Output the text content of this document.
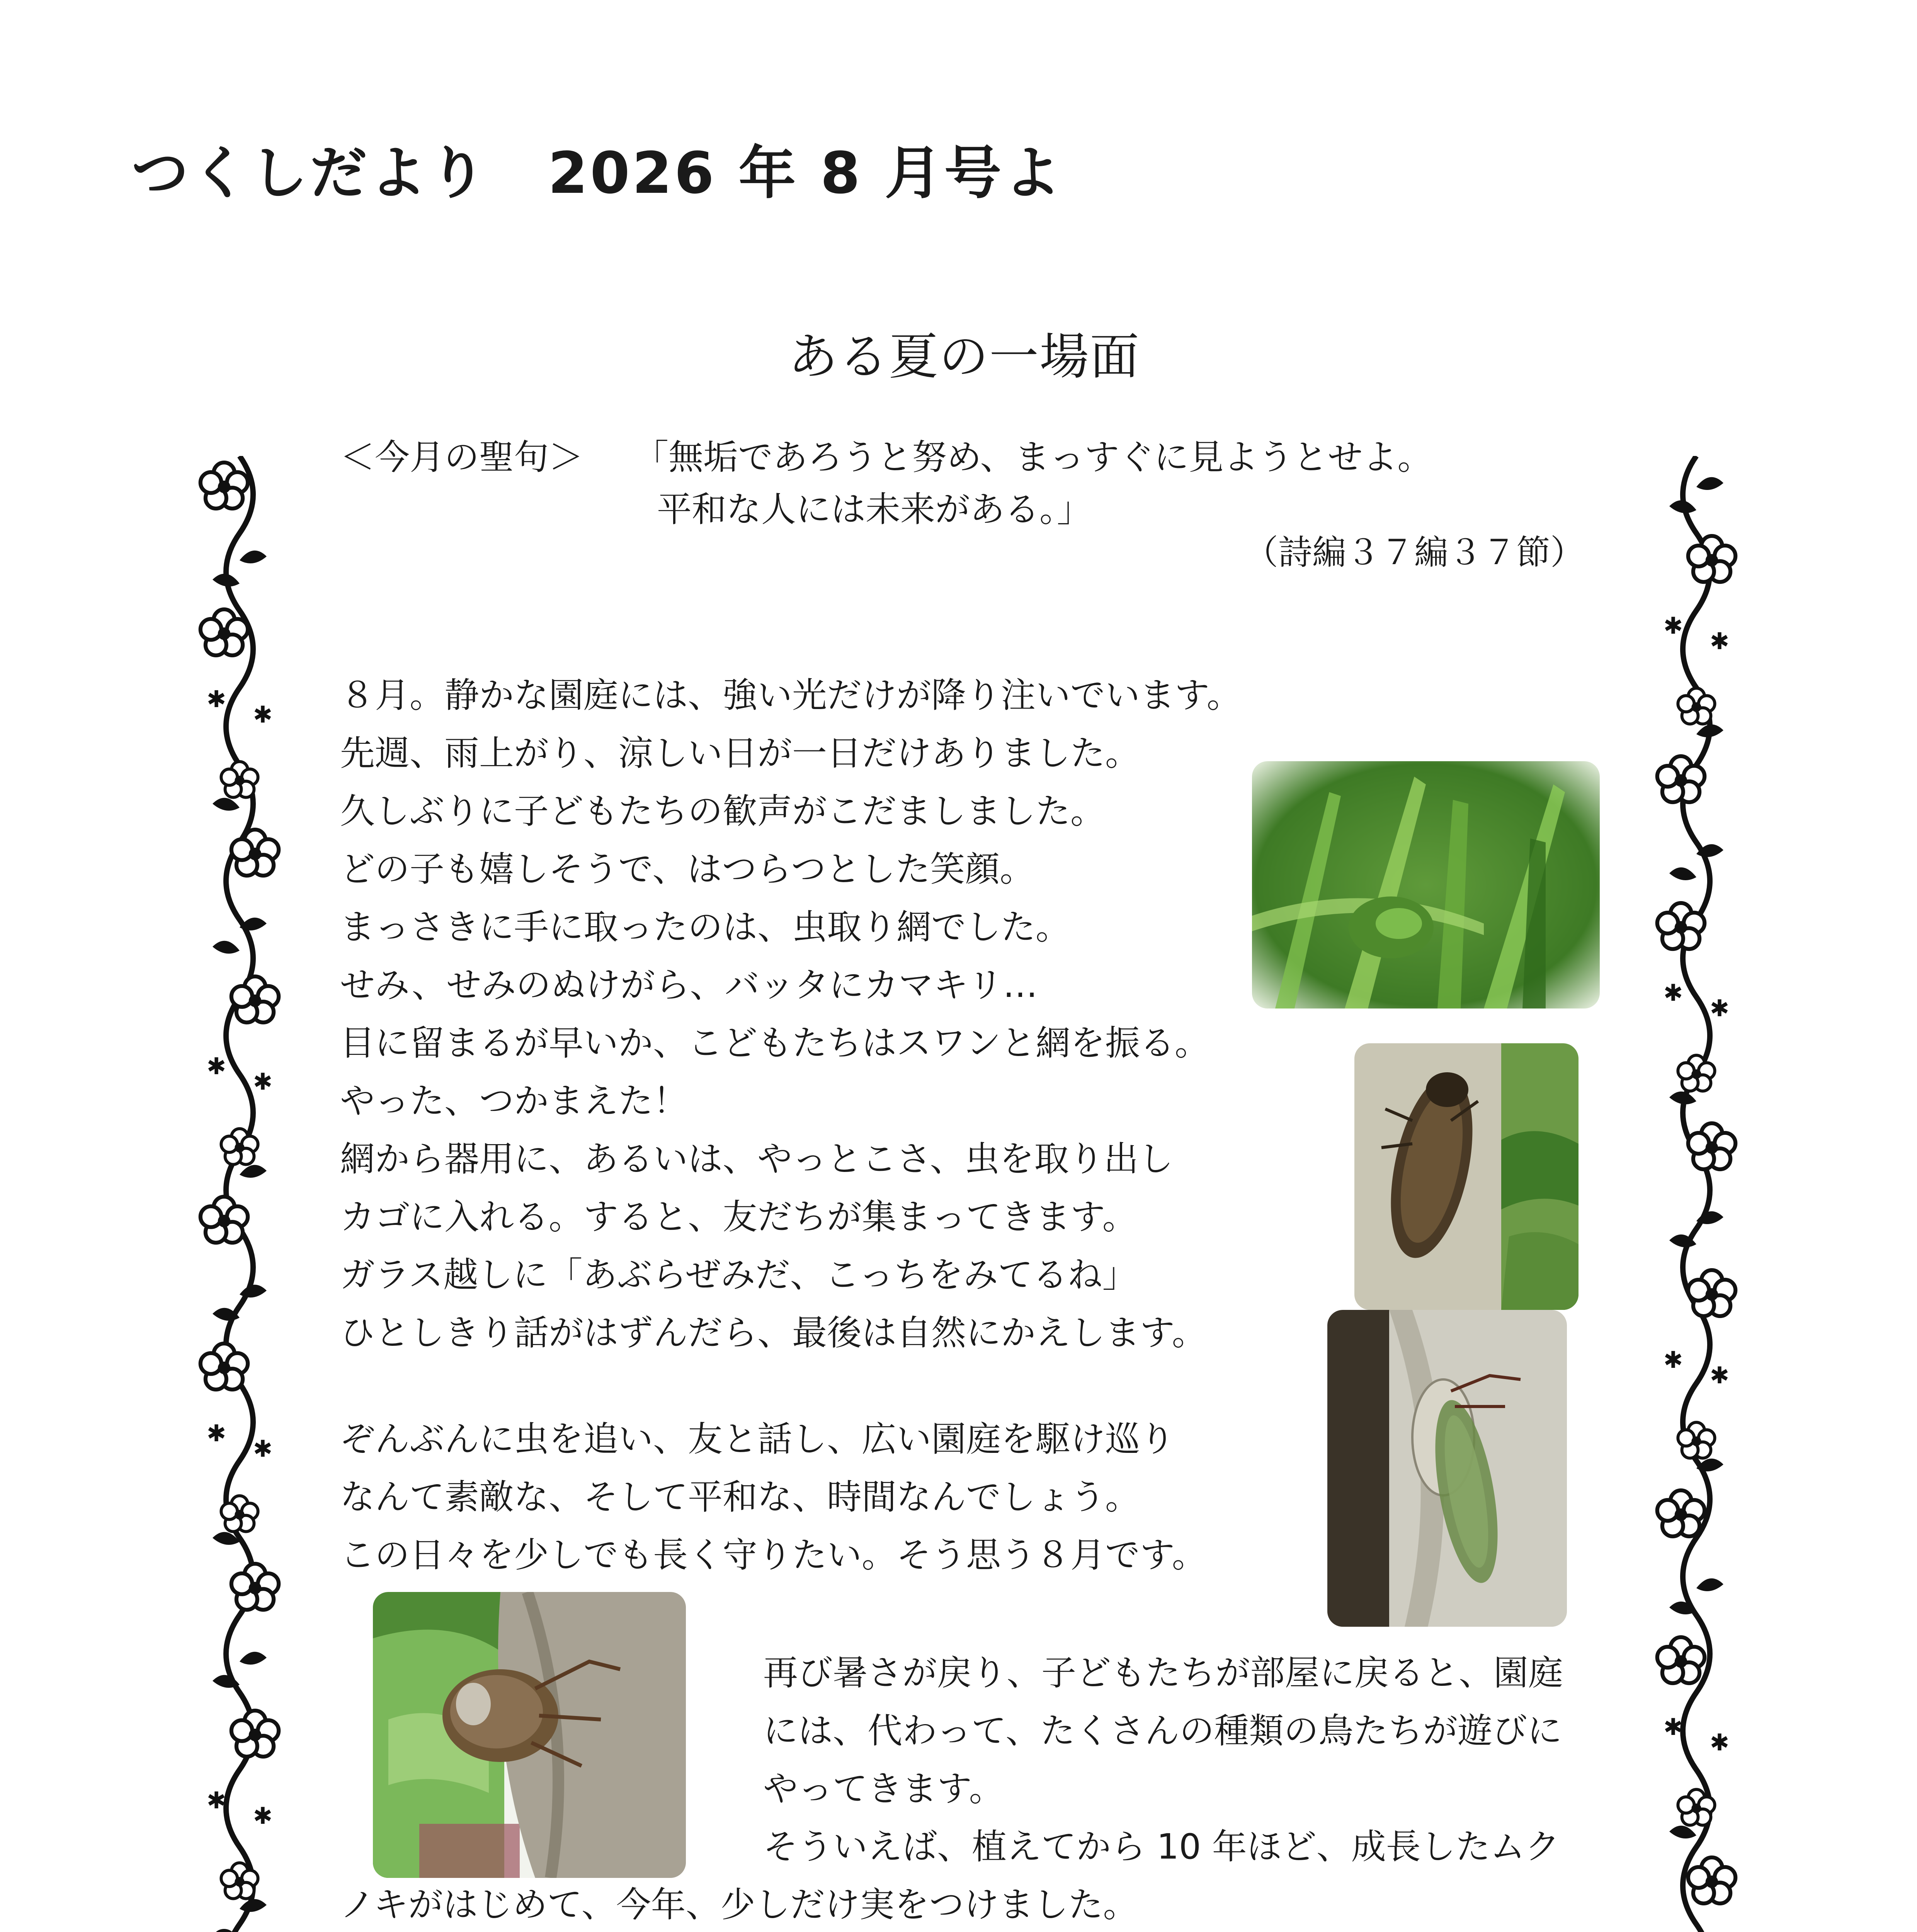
つくしだより　2026 年 8 月号よ
ある夏の一場面
＜今月の聖句＞ 「無垢であろうと努め、まっすぐに見ようとせよ。
平和な人には未来がある。」
（詩編３７編３７節）
８月。静かな園庭には、強い光だけが降り注いでいます。
先週、雨上がり、涼しい日が一日だけありました。
久しぶりに子どもたちの歓声がこだましました。
どの子も嬉しそうで、はつらつとした笑顔。
まっさきに手に取ったのは、虫取り網でした。
せみ、せみのぬけがら、バッタにカマキリ…
目に留まるが早いか、こどもたちはスワンと網を振る。
やった、つかまえた！
網から器用に、あるいは、やっとこさ、虫を取り出し
カゴに入れる。すると、友だちが集まってきます。
ガラス越しに「あぶらぜみだ、こっちをみてるね」
ひとしきり話がはずんだら、最後は自然にかえします。
ぞんぶんに虫を追い、友と話し、広い園庭を駆け巡り
なんて素敵な、そして平和な、時間なんでしょう。
この日々を少しでも長く守りたい。そう思う８月です。
再び暑さが戻り、子どもたちが部屋に戻ると、園庭
には、代わって、たくさんの種類の鳥たちが遊びに
やってきます。
そういえば、植えてから 10 年ほど、成長したムク
ノキがはじめて、今年、少しだけ実をつけました。
✱
✱
✱
✱
✱
✱
✱
✱
✱
✱
✱
✱
✱
✱
✱
✱
